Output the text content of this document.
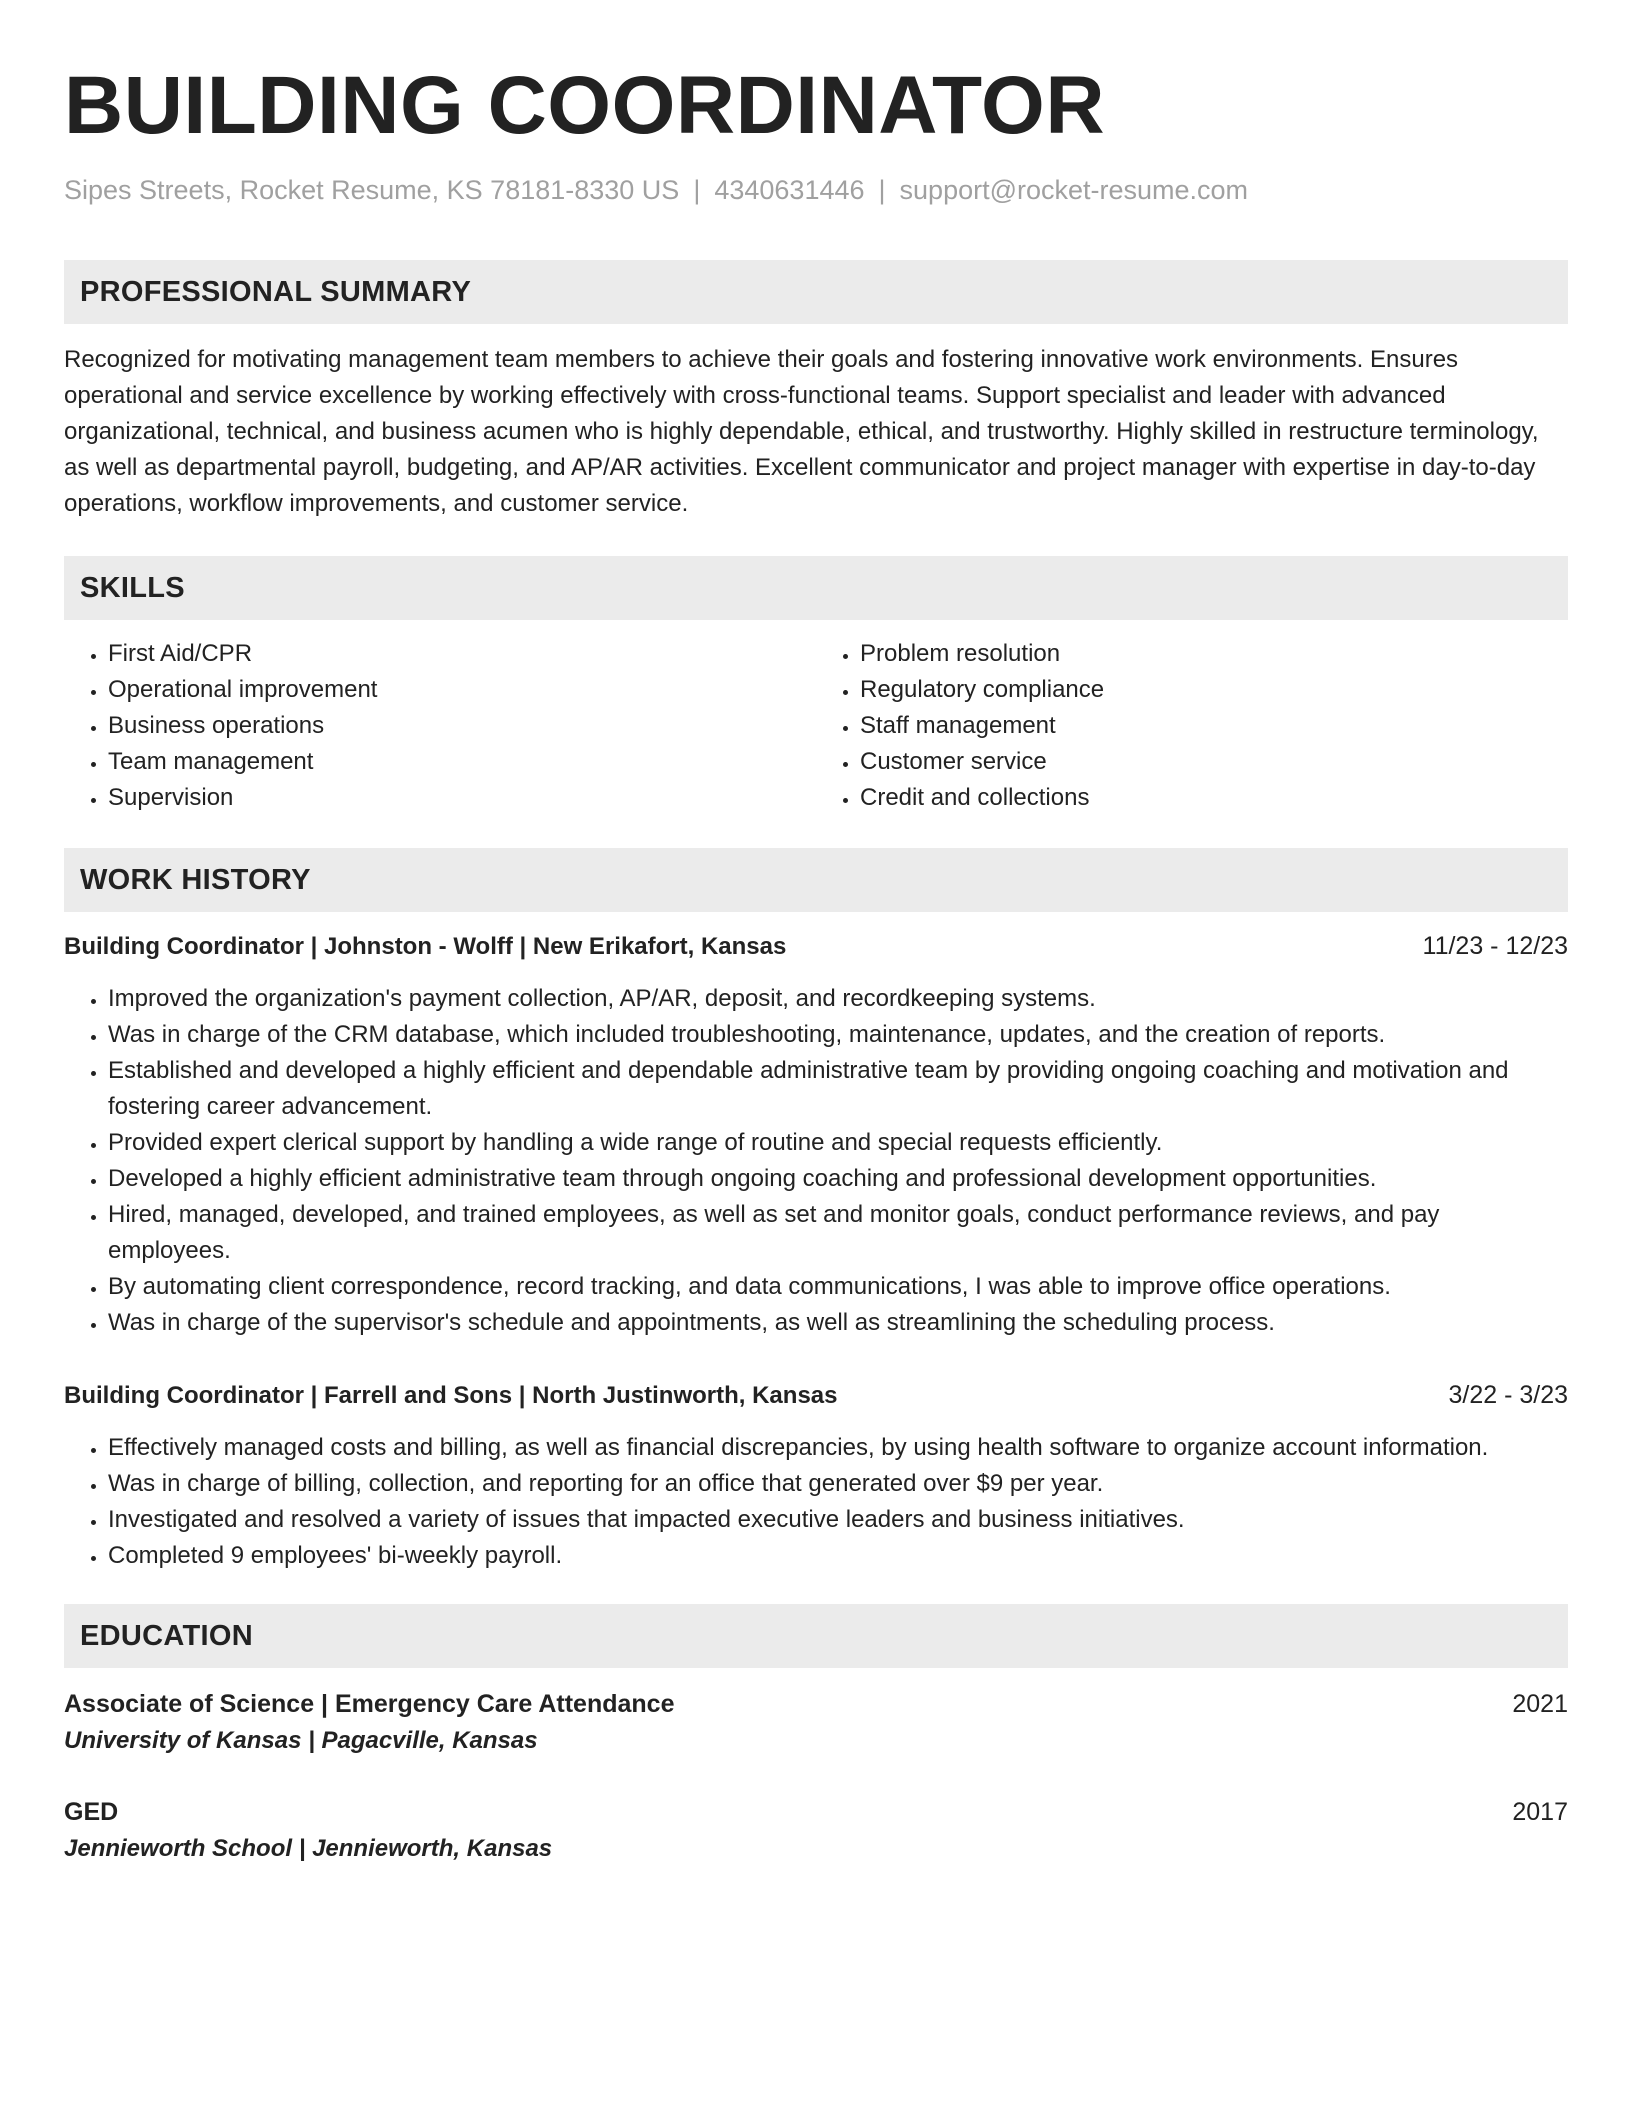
BUILDING COORDINATOR
Sipes Streets, Rocket Resume, KS 78181-8330 US | 4340631446 | support@rocket-resume.com
PROFESSIONAL SUMMARY

Recognized for motivating management team members to achieve their goals and fostering innovative work environments. Ensures operational and service excellence by working effectively with cross-functional teams. Support specialist and leader with advanced organizational, technical, and business acumen who is highly dependable, ethical, and trustworthy. Highly skilled in restructure terminology, as well as departmental payroll, budgeting, and AP/AR activities. Excellent communicator and project manager with expertise in day-to-day operations, workflow improvements, and customer service.

SKILLS
• First Aid/CPR
• Operational improvement
• Business operations
• Team management
• Supervision
• Problem resolution
• Regulatory compliance
• Staff management
• Customer service
• Credit and collections
WORK HISTORY
Building Coordinator | Johnston - Wolff | New Erikafort, Kansas	11/23 - 12/23
• Improved the organization's payment collection, AP/AR, deposit, and recordkeeping systems.
• Was in charge of the CRM database, which included troubleshooting, maintenance, updates, and the creation of reports.
• Established and developed a highly efficient and dependable administrative team by providing ongoing coaching and motivation and fostering career advancement.
• Provided expert clerical support by handling a wide range of routine and special requests efficiently.
• Developed a highly efficient administrative team through ongoing coaching and professional development opportunities.
• Hired, managed, developed, and trained employees, as well as set and monitor goals, conduct performance reviews, and pay employees.
• By automating client correspondence, record tracking, and data communications, I was able to improve office operations.
• Was in charge of the supervisor's schedule and appointments, as well as streamlining the scheduling process.
Building Coordinator | Farrell and Sons | North Justinworth, Kansas	3/22 - 3/23
• Effectively managed costs and billing, as well as financial discrepancies, by using health software to organize account information.
• Was in charge of billing, collection, and reporting for an office that generated over $9 per year.
• Investigated and resolved a variety of issues that impacted executive leaders and business initiatives.
• Completed 9 employees' bi-weekly payroll.
EDUCATION
Associate of Science | Emergency Care Attendance	2021
University of Kansas | Pagacville, Kansas
GED	2017
Jennieworth School | Jennieworth, Kansas
